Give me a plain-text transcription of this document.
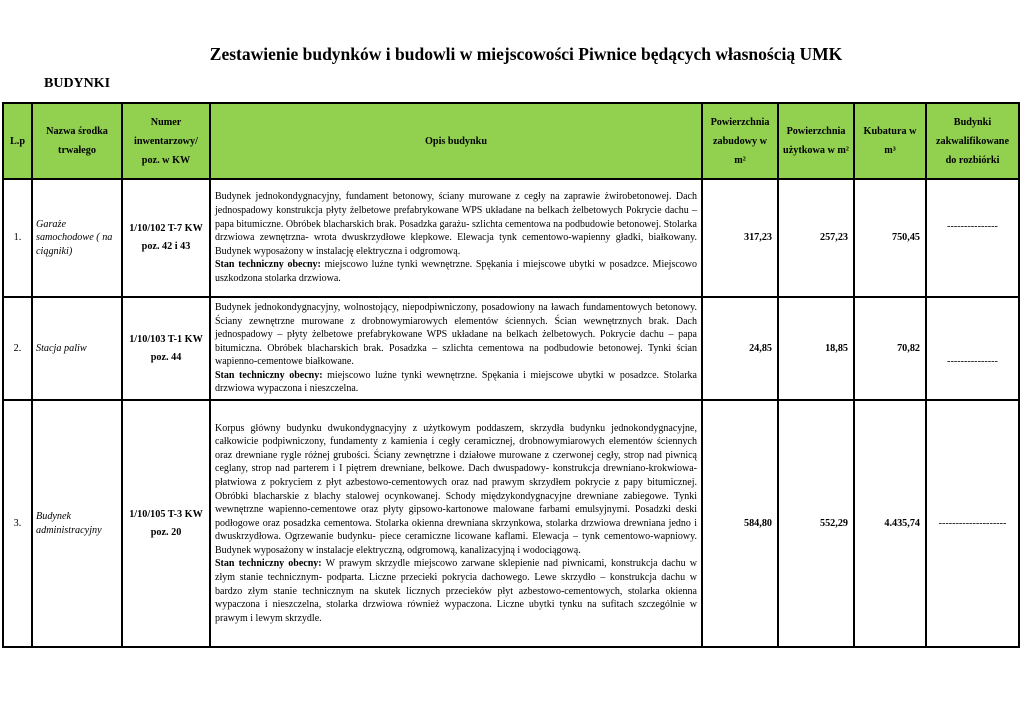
Zestawienie budynków i budowli w miejscowości Piwnice będących własnością UMK
BUDYNKI
L.p	Nazwa środka trwałego	Numer inwentarzowy/ poz. w KW	Opis budynku	Powierzchnia zabudowy w m²	Powierzchnia użytkowa w m²	Kubatura w m³	Budynki zakwalifikowane do rozbiórki
1.	Garaże samochodowe ( na ciągniki)	1/10/102 T-7 KW poz. 42 i 43	Budynek jednokondygnacyjny, fundament betonowy, ściany murowane z cegły na zaprawie żwirobetonowej. Dach jednospadowy konstrukcja płyty żelbetowe prefabrykowane WPS układane na belkach żelbetowych Pokrycie dachu – papa bitumiczne. Obróbek blacharskich brak. Posadzka garażu- szlichta cementowa na podbudowie betonowej. Stolarka drzwiowa zewnętrzna- wrota dwuskrzydłowe klepkowe. Elewacja tynk cementowo-wapienny gładki, białkowany. Budynek wyposażony w instalację elektryczna i odgromową.
Stan techniczny obecny: miejscowo luźne tynki wewnętrzne. Spękania i miejscowe ubytki w posadzce. Miejscowo uszkodzona stolarka drzwiowa.	317,23	257,23	750,45	---------------
2.	Stacja paliw	1/10/103 T-1 KW poz. 44	Budynek jednokondygnacyjny, wolnostojący, niepodpiwniczony, posadowiony na ławach fundamentowych betonowy. Ściany zewnętrzne murowane z drobnowymiarowych elementów ściennych. Ścian wewnętrznych brak. Dach jednospadowy – płyty żelbetowe prefabrykowane WPS układane na belkach żelbetowych. Pokrycie dachu – papa bitumiczna. Obróbek blacharskich brak. Posadzka – szlichta cementowa na podbudowie betonowej. Tynki ścian wapienno-cementowe białkowane.
Stan techniczny obecny: miejscowo luźne tynki wewnętrzne. Spękania i miejscowe ubytki w posadzce. Stolarka drzwiowa wypaczona i nieszczelna.	24,85	18,85	70,82	---------------
3.	Budynek administracyjny	1/10/105 T-3 KW poz. 20	Korpus główny budynku dwukondygnacyjny z użytkowym poddaszem, skrzydła budynku jednokondygnacyjne, całkowicie podpiwniczony, fundamenty z kamienia i cegły ceramicznej, drobnowymiarowych elementów ściennych oraz drewniane rygle różnej grubości. Ściany zewnętrzne i działowe murowane z czerwonej cegły, strop nad piwnicą ceglany, strop nad parterem i I piętrem drewniane, belkowe. Dach dwuspadowy- konstrukcja drewniano-krokwiowa- płatwiowa z pokryciem z płyt azbestowo-cementowych oraz nad prawym skrzydłem pokrycie z papy bitumicznej. Obróbki blacharskie z blachy stalowej ocynkowanej. Schody międzykondygnacyjne drewniane zabiegowe. Tynki wewnętrzne wapienno-cementowe oraz płyty gipsowo-kartonowe malowane farbami emulsyjnymi. Posadzki deski podłogowe oraz posadzka cementowa. Stolarka okienna drewniana skrzynkowa, stolarka drzwiowa drewniana jedno i dwuskrzydłowa. Ogrzewanie budynku- piece ceramiczne licowane kaflami. Elewacja – tynk cementowo-wapniowy. Budynek wyposażony w instalacje elektryczną, odgromową, kanalizacyjną i wodociągową.
Stan techniczny obecny: W prawym skrzydle miejscowo zarwane sklepienie nad piwnicami, konstrukcja dachu w złym stanie technicznym- podparta. Liczne przecieki pokrycia dachowego. Lewe skrzydło – konstrukcja dachu w bardzo złym stanie technicznym na skutek licznych przecieków płyt azbestowo-cementowych, stolarka okienna wypaczona i nieszczelna, stolarka drzwiowa również wypaczona. Liczne ubytki tynku na sufitach szczególnie w prawym i lewym skrzydle.	584,80	552,29	4.435,74	--------------------
